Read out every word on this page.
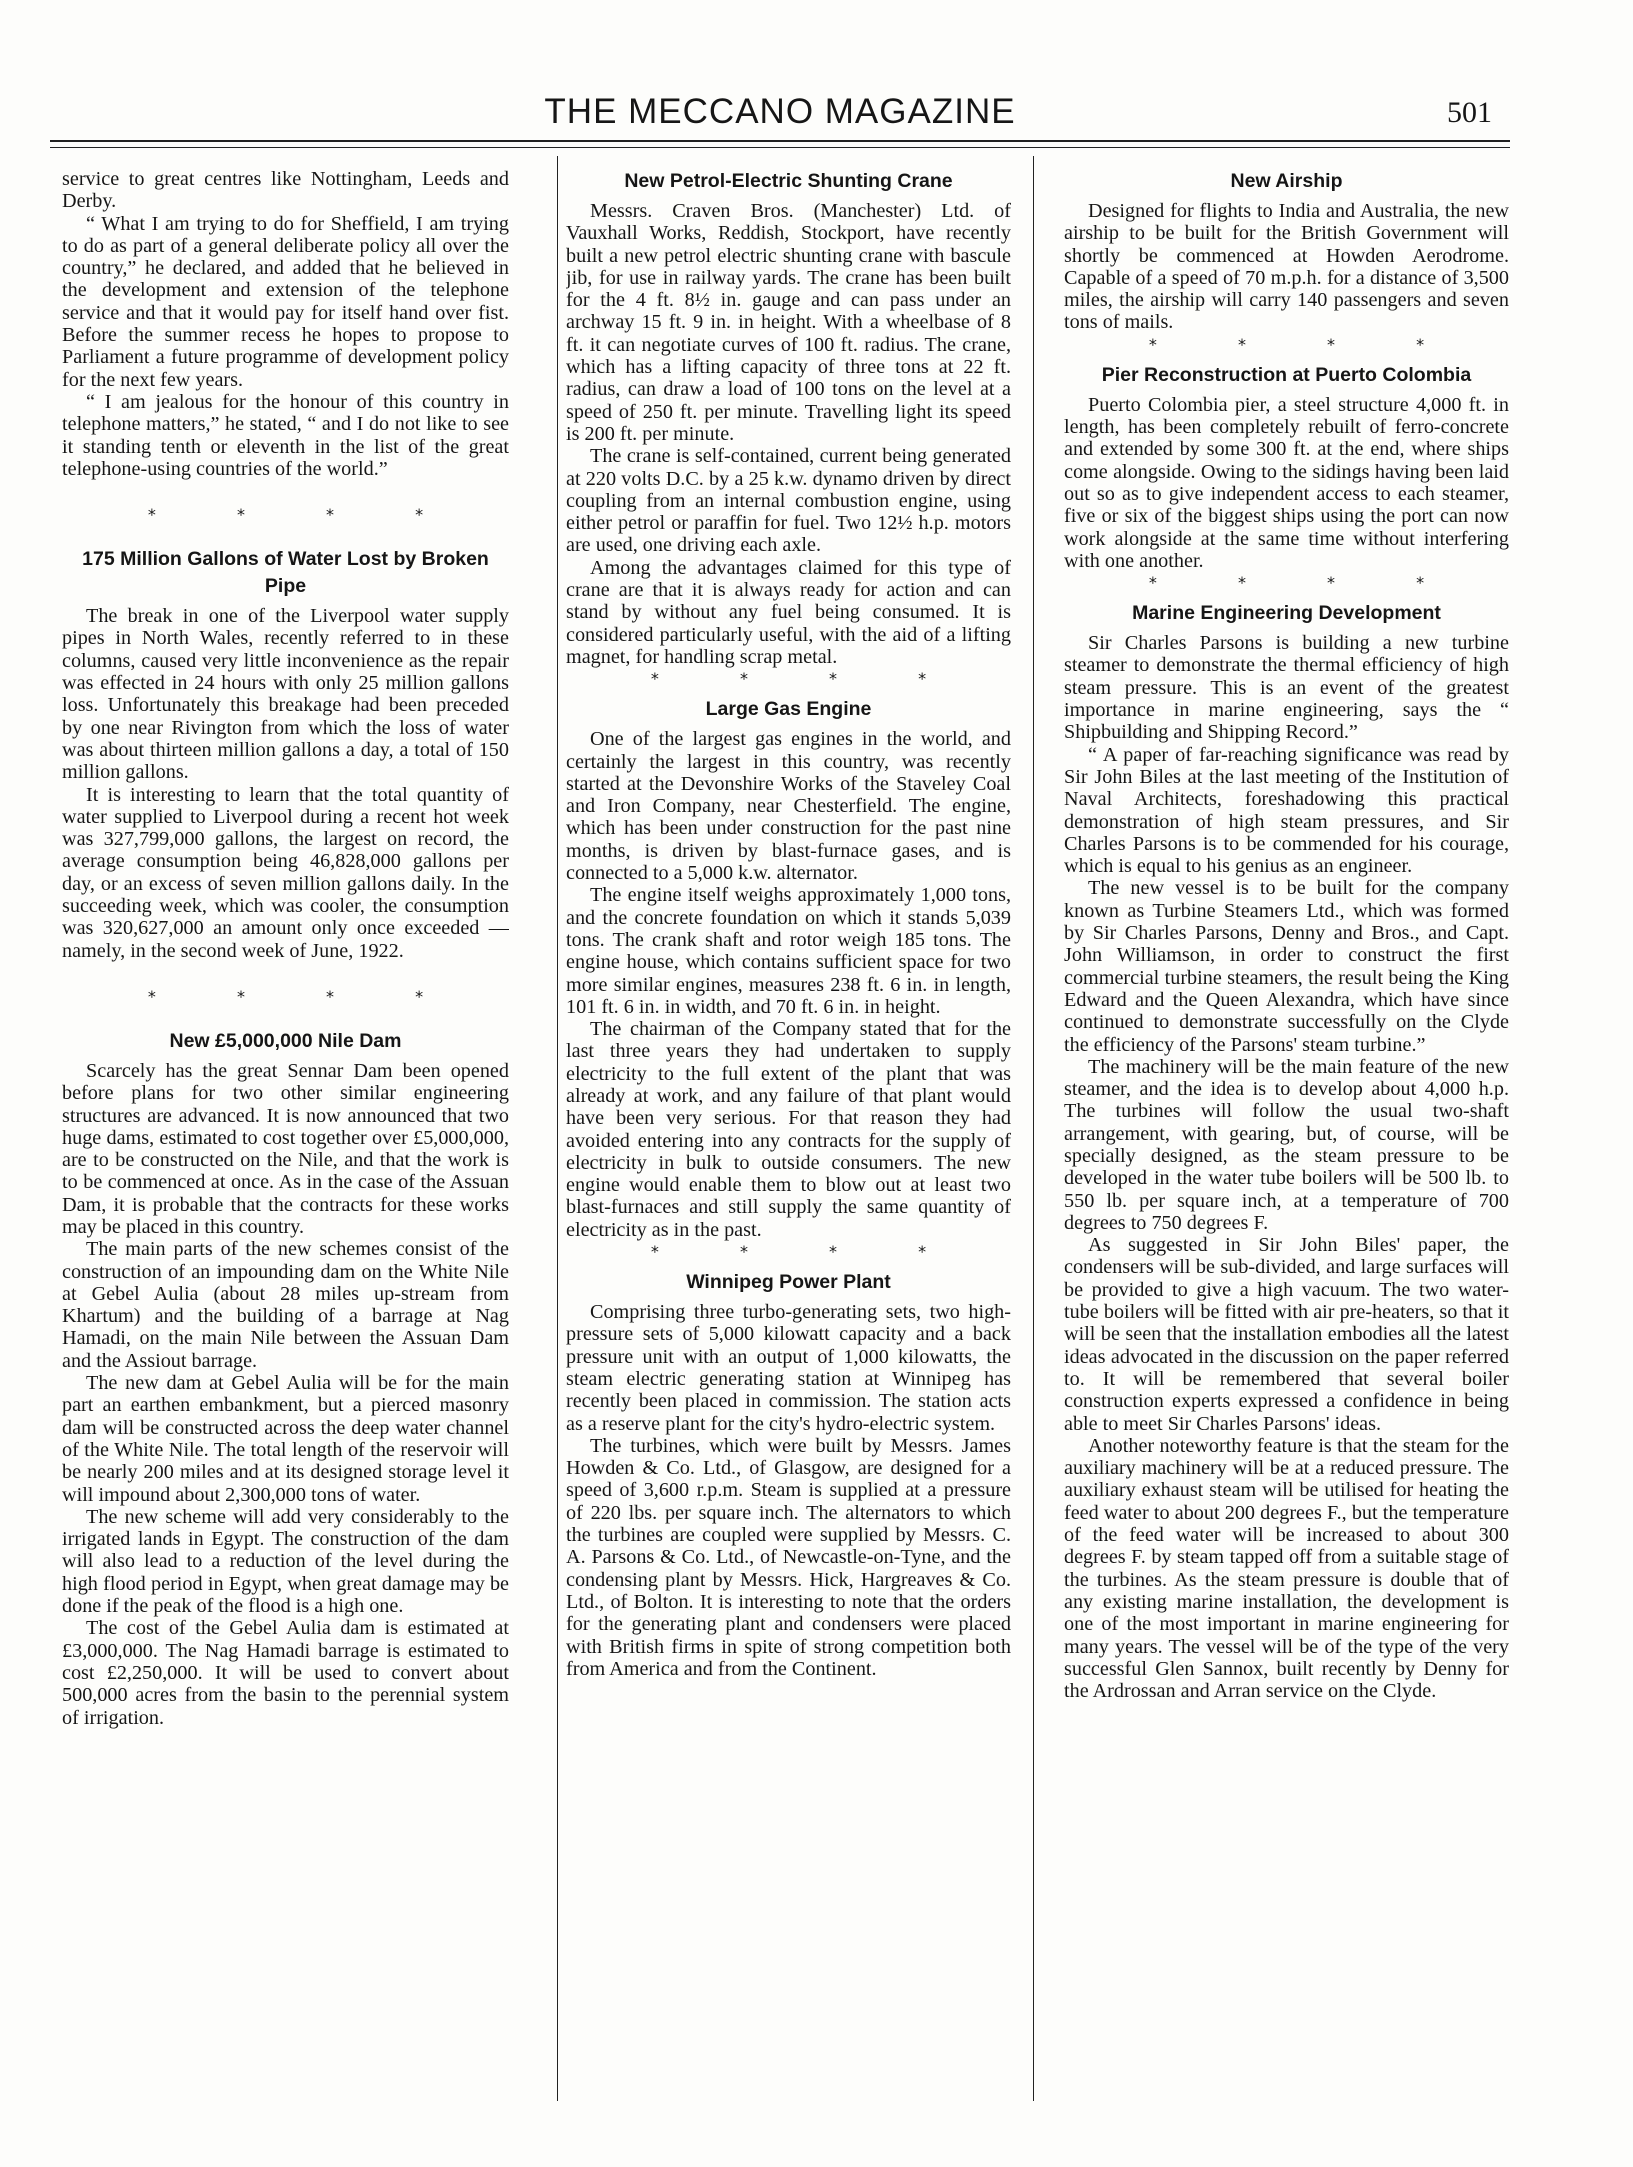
THE MECCANO MAGAZINE	501

service to great centres like Nottingham, Leeds and Derby.

“ What I am trying to do for Sheffield, I am trying to do as part of a general deliberate policy all over the country,” he declared, and added that he believed in the development and extension of the telephone service and that it would pay for itself hand over fist. Before the summer recess he hopes to propose to Parliament a future programme of development policy for the next few years.

“ I am jealous for the honour of this country in telephone matters,” he stated, “ and I do not like to see it standing tenth or eleventh in the list of the great telephone-using countries of the world.”

* * * *
175 Million Gallons of Water Lost by Broken Pipe

The break in one of the Liverpool water supply pipes in North Wales, recently referred to in these columns, caused very little inconvenience as the repair was effected in 24 hours with only 25 million gallons loss. Unfortunately this breakage had been preceded by one near Rivington from which the loss of water was about thirteen million gallons a day, a total of 150 million gallons.

It is interesting to learn that the total quantity of water supplied to Liverpool during a recent hot week was 327,799,000 gallons, the largest on record, the average consumption being 46,828,000 gallons per day, or an excess of seven million gallons daily. In the succeeding week, which was cooler, the consumption was 320,627,000 an amount only once exceeded —namely, in the second week of June, 1922.

* * * *
New £5,000,000 Nile Dam

Scarcely has the great Sennar Dam been opened before plans for two other similar engineering structures are advanced. It is now announced that two huge dams, estimated to cost together over £5,000,000, are to be constructed on the Nile, and that the work is to be commenced at once. As in the case of the Assuan Dam, it is probable that the contracts for these works may be placed in this country.

The main parts of the new schemes consist of the construction of an impounding dam on the White Nile at Gebel Aulia (about 28 miles up-stream from Khartum) and the building of a barrage at Nag Hamadi, on the main Nile between the Assuan Dam and the Assiout barrage.

The new dam at Gebel Aulia will be for the main part an earthen embankment, but a pierced masonry dam will be constructed across the deep water channel of the White Nile. The total length of the reservoir will be nearly 200 miles and at its designed storage level it will impound about 2,300,000 tons of water.

The new scheme will add very considerably to the irrigated lands in Egypt. The construction of the dam will also lead to a reduction of the level during the high flood period in Egypt, when great damage may be done if the peak of the flood is a high one.

The cost of the Gebel Aulia dam is estimated at £3,000,000. The Nag Hamadi barrage is estimated to cost £2,250,000. It will be used to convert about 500,000 acres from the basin to the perennial system of irrigation.

New Petrol-Electric Shunting Crane

Messrs. Craven Bros. (Manchester) Ltd. of Vauxhall Works, Reddish, Stockport, have recently built a new petrol electric shunting crane with bascule jib, for use in railway yards. The crane has been built for the 4 ft. 8½ in. gauge and can pass under an archway 15 ft. 9 in. in height. With a wheelbase of 8 ft. it can negotiate curves of 100 ft. radius. The crane, which has a lifting capacity of three tons at 22 ft. radius, can draw a load of 100 tons on the level at a speed of 250 ft. per minute. Travelling light its speed is 200 ft. per minute.

The crane is self-contained, current being generated at 220 volts D.C. by a 25 k.w. dynamo driven by direct coupling from an internal combustion engine, using either petrol or paraffin for fuel. Two 12½ h.p. motors are used, one driving each axle.

Among the advantages claimed for this type of crane are that it is always ready for action and can stand by without any fuel being consumed. It is considered particularly useful, with the aid of a lifting magnet, for handling scrap metal.

* * * *
Large Gas Engine

One of the largest gas engines in the world, and certainly the largest in this country, was recently started at the Devonshire Works of the Staveley Coal and Iron Company, near Chesterfield. The engine, which has been under construction for the past nine months, is driven by blast-furnace gases, and is connected to a 5,000 k.w. alternator.

The engine itself weighs approximately 1,000 tons, and the concrete foundation on which it stands 5,039 tons. The crank shaft and rotor weigh 185 tons. The engine house, which contains sufficient space for two more similar engines, measures 238 ft. 6 in. in length, 101 ft. 6 in. in width, and 70 ft. 6 in. in height.

The chairman of the Company stated that for the last three years they had undertaken to supply electricity to the full extent of the plant that was already at work, and any failure of that plant would have been very serious. For that reason they had avoided entering into any contracts for the supply of electricity in bulk to outside consumers. The new engine would enable them to blow out at least two blast-furnaces and still supply the same quantity of electricity as in the past.

* * * *
Winnipeg Power Plant

Comprising three turbo-generating sets, two high-pressure sets of 5,000 kilowatt capacity and a back pressure unit with an output of 1,000 kilowatts, the steam electric generating station at Winnipeg has recently been placed in commission. The station acts as a reserve plant for the city's hydro-electric system.

The turbines, which were built by Messrs. James Howden & Co. Ltd., of Glasgow, are designed for a speed of 3,600 r.p.m. Steam is supplied at a pressure of 220 lbs. per square inch. The alternators to which the turbines are coupled were supplied by Messrs. C. A. Parsons & Co. Ltd., of Newcastle-on-Tyne, and the condensing plant by Messrs. Hick, Hargreaves & Co. Ltd., of Bolton. It is interesting to note that the orders for the generating plant and condensers were placed with British firms in spite of strong competition both from America and from the Continent.

New Airship

Designed for flights to India and Australia, the new airship to be built for the British Government will shortly be commenced at Howden Aerodrome. Capable of a speed of 70 m.p.h. for a distance of 3,500 miles, the airship will carry 140 passengers and seven tons of mails.

* * * *
Pier Reconstruction at Puerto Colombia

Puerto Colombia pier, a steel structure 4,000 ft. in length, has been completely rebuilt of ferro-concrete and extended by some 300 ft. at the end, where ships come alongside. Owing to the sidings having been laid out so as to give independent access to each steamer, five or six of the biggest ships using the port can now work alongside at the same time without interfering with one another.

* * * *
Marine Engineering Development

Sir Charles Parsons is building a new turbine steamer to demonstrate the thermal efficiency of high steam pressure. This is an event of the greatest importance in marine engineering, says the “ Shipbuilding and Shipping Record.”

“ A paper of far-reaching significance was read by Sir John Biles at the last meeting of the Institution of Naval Architects, foreshadowing this practical demonstration of high steam pressures, and Sir Charles Parsons is to be commended for his courage, which is equal to his genius as an engineer.

The new vessel is to be built for the company known as Turbine Steamers Ltd., which was formed by Sir Charles Parsons, Denny and Bros., and Capt. John Williamson, in order to construct the first commercial turbine steamers, the result being the King Edward and the Queen Alexandra, which have since continued to demonstrate successfully on the Clyde the efficiency of the Parsons' steam turbine.”

The machinery will be the main feature of the new steamer, and the idea is to develop about 4,000 h.p. The turbines will follow the usual two-shaft arrangement, with gearing, but, of course, will be specially designed, as the steam pressure to be developed in the water tube boilers will be 500 lb. to 550 lb. per square inch, at a temperature of 700 degrees to 750 degrees F.

As suggested in Sir John Biles' paper, the condensers will be sub-divided, and large surfaces will be provided to give a high vacuum. The two water-tube boilers will be fitted with air pre-heaters, so that it will be seen that the installation embodies all the latest ideas advocated in the discussion on the paper referred to. It will be remembered that several boiler construction experts expressed a confidence in being able to meet Sir Charles Parsons' ideas.

Another noteworthy feature is that the steam for the auxiliary machinery will be at a reduced pressure. The auxiliary exhaust steam will be utilised for heating the feed water to about 200 degrees F., but the temperature of the feed water will be increased to about 300 degrees F. by steam tapped off from a suitable stage of the turbines. As the steam pressure is double that of any existing marine installation, the development is one of the most important in marine engineering for many years. The vessel will be of the type of the very successful Glen Sannox, built recently by Denny for the Ardrossan and Arran service on the Clyde.
